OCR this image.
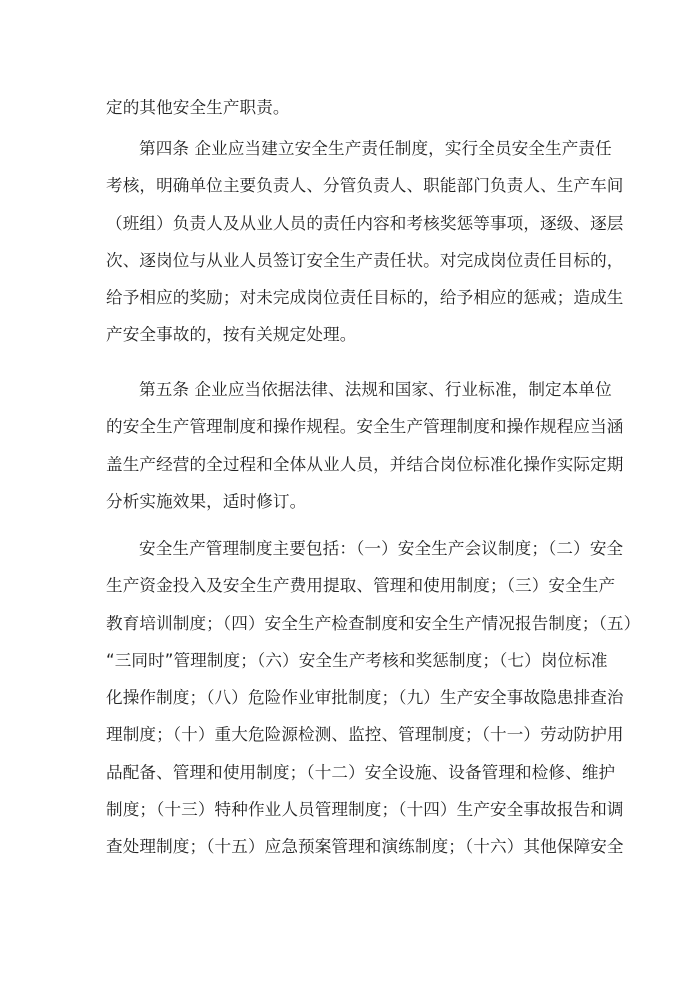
定的其他安全生产职责。
第四条 企业应当建立安全生产责任制度，实行全员安全生产责任
考核，明确单位主要负责人、分管负责人、职能部门负责人、生产车间
（班组）负责人及从业人员的责任内容和考核奖惩等事项，逐级、逐层
次、逐岗位与从业人员签订安全生产责任状。对完成岗位责任目标的，
给予相应的奖励；对未完成岗位责任目标的，给予相应的惩戒；造成生
产安全事故的，按有关规定处理。
第五条 企业应当依据法律、法规和国家、行业标准，制定本单位
的安全生产管理制度和操作规程。安全生产管理制度和操作规程应当涵
盖生产经营的全过程和全体从业人员，并结合岗位标准化操作实际定期
分析实施效果，适时修订。
安全生产管理制度主要包括：（一）安全生产会议制度；（二）安全
生产资金投入及安全生产费用提取、管理和使用制度；（三）安全生产
教育培训制度；（四）安全生产检查制度和安全生产情况报告制度；（五）
“三同时”管理制度；（六）安全生产考核和奖惩制度；（七）岗位标准
化操作制度；（八）危险作业审批制度；（九）生产安全事故隐患排查治
理制度；（十）重大危险源检测、监控、管理制度；（十一）劳动防护用
品配备、管理和使用制度；（十二）安全设施、设备管理和检修、维护
制度；（十三）特种作业人员管理制度；（十四）生产安全事故报告和调
查处理制度；（十五）应急预案管理和演练制度；（十六）其他保障安全
